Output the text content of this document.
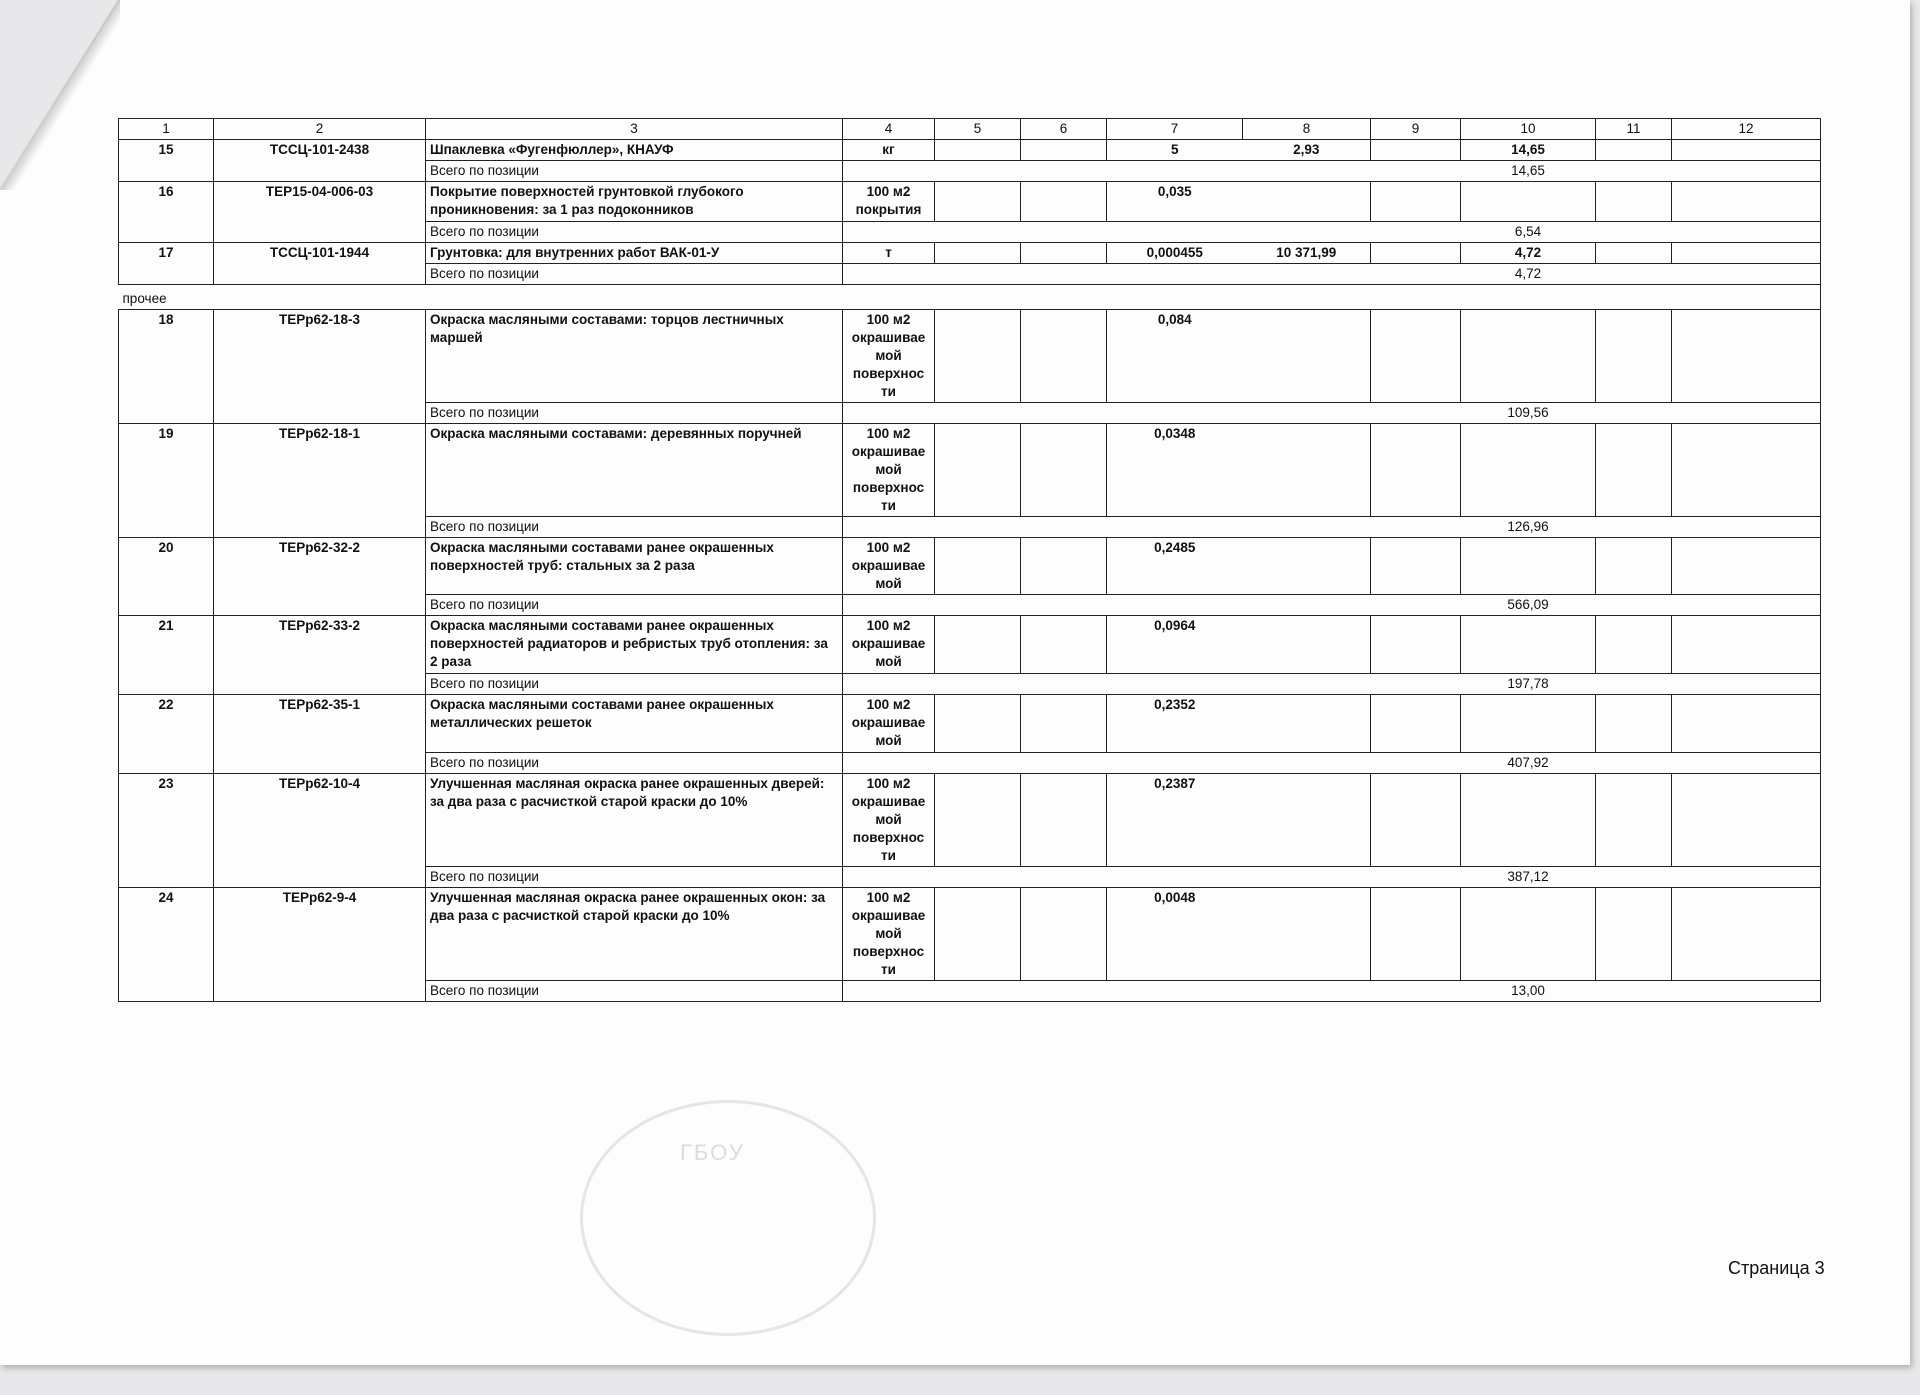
ГБОУ
1	2	3	4	5	6	7	8	9	10	11	12
15	ТССЦ-101-2438	Шпаклевка «Фугенфюллер», КНАУФ	кг			5	2,93		14,65		
		Всего по позиции							14,65		
16	ТЕР15-04-006-03	Покрытие поверхностей грунтовкой глубокого проникновения: за 1 раз подоконников	100 м2 покрытия			0,035					
		Всего по позиции							6,54		
17	ТССЦ-101-1944	Грунтовка: для внутренних работ ВАК-01-У	т			0,000455	10 371,99		4,72		
		Всего по позиции							4,72		
прочее											
18	ТЕРр62-18-3	Окраска масляными составами: торцов лестничных маршей	100 м2 окрашивае мой поверхнос ти			0,084					
		Всего по позиции							109,56		
19	ТЕРр62-18-1	Окраска масляными составами: деревянных поручней	100 м2 окрашивае мой поверхнос ти			0,0348					
		Всего по позиции							126,96		
20	ТЕРр62-32-2	Окраска масляными составами ранее окрашенных поверхностей труб: стальных за 2 раза	100 м2 окрашивае мой			0,2485					
		Всего по позиции							566,09		
21	ТЕРр62-33-2	Окраска масляными составами ранее окрашенных поверхностей радиаторов и ребристых труб отопления: за 2 раза	100 м2 окрашивае мой			0,0964					
		Всего по позиции							197,78		
22	ТЕРр62-35-1	Окраска масляными составами ранее окрашенных металлических решеток	100 м2 окрашивае мой			0,2352					
		Всего по позиции							407,92		
23	ТЕРр62-10-4	Улучшенная масляная окраска ранее окрашенных дверей: за два раза с расчисткой старой краски до 10%	100 м2 окрашивае мой поверхнос ти			0,2387					
		Всего по позиции							387,12		
24	ТЕРр62-9-4	Улучшенная масляная окраска ранее окрашенных окон: за два раза с расчисткой старой краски до 10%	100 м2 окрашивае мой поверхнос ти			0,0048					
		Всего по позиции							13,00		
Страница 3
